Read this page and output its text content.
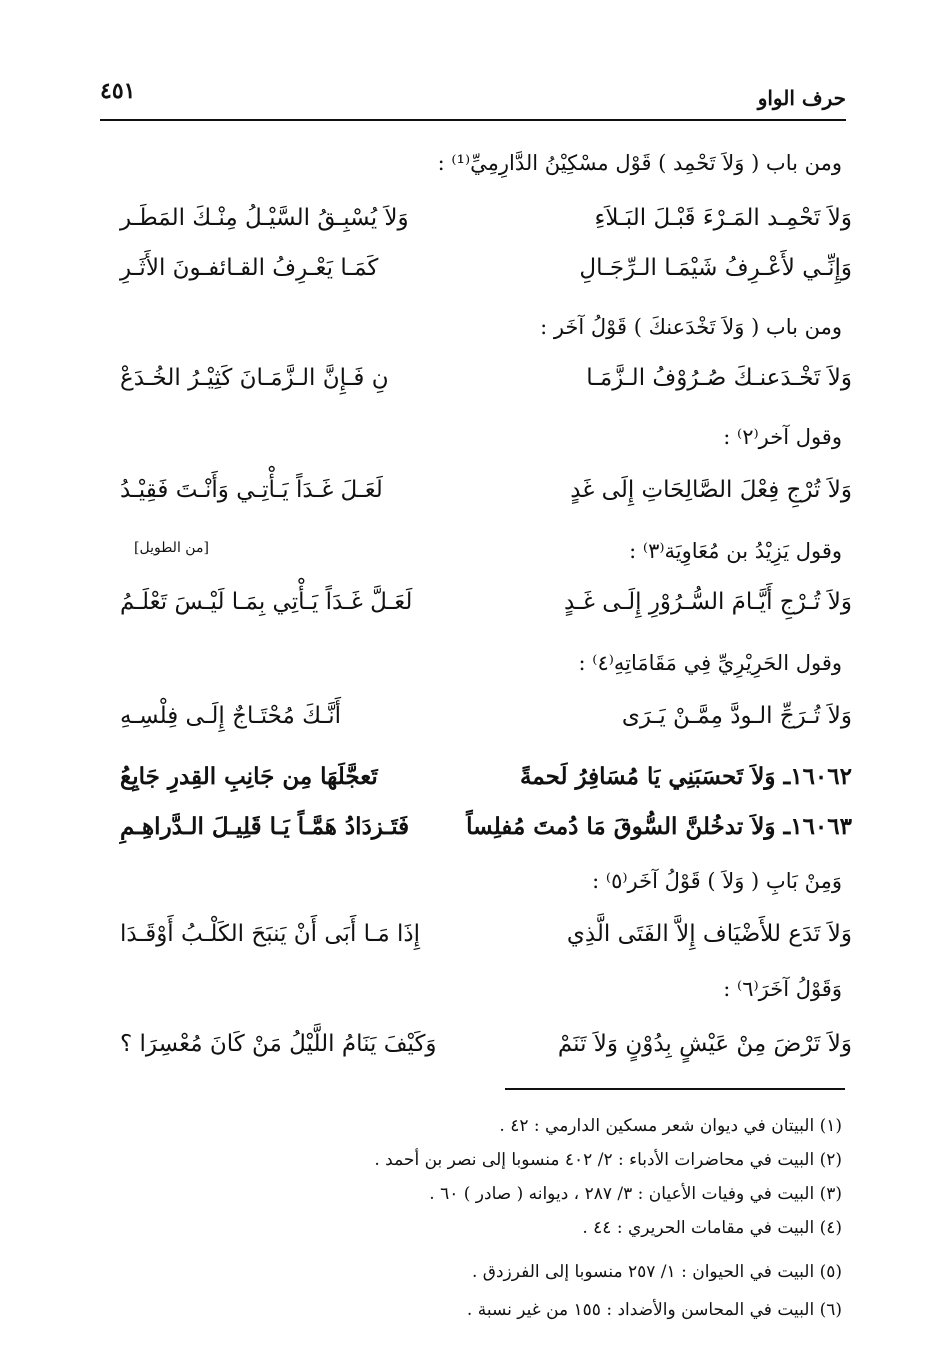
حرف الواو
٤٥١
ومن باب ( وَلاَ تَحْمِد ) قَوْل مسْكِيْنُ الدَّارِمِيِّ⁽¹⁾ :
وَلاَ تَحْمِـد المَـرْءَ قَبْـلَ البَـلاَءِ
وَلاَ يُسْبِـقُ السَّيْـلُ مِنْـكَ المَطَـر
وَإِنِّـي لأَعْـرِفُ شَيْمَـا الـرِّجَـالِ
كَمَـا يَعْـرِفُ القـائفـونَ الأَثَـرِ
ومن باب ( وَلاَ تَخْدَعنكَ ) قَوْلُ آخَر :
وَلاَ تَخْـدَعنـكَ صُـرُوْفُ الـزَّمَـا
نِ فَـإِنَّ الـزَّمَـانَ كَثِيْـرُ الخُـدَعْ
وقول آخر⁽٢⁾ :
وَلاَ تُرْجِ فِعْلَ الصَّالِحَاتِ إِلَى غَدٍ
لَعَـلَ غَـدَاً يَـأْتِـي وَأَنْـتَ فَقِيْـدُ
وقول يَزِيْدُ بن مُعَاوِيَة⁽٣⁾ :
[من الطويل]
وَلاَ تُـرْجِ أَيَّـامَ السُّـرُوْرِ إِلَـى غَـدٍ
لَعَـلَّ غَـدَاً يَـأْتِي بِمَـا لَيْـسَ تَعْلَـمُ
وقول الحَرِيْرِيِّ فِي مَقَامَاتِهِ⁽٤⁾ :
وَلاَ تُـرَجِّ الـودَّ مِمَّـنْ يَـرَى
أَنَّـكَ مُحْتَـاجٌ إِلَـى فِلْسِـهِ
١٦٠٦٢ـ وَلاَ تَحسَبَنِي يَا مُسَافِرُ لَحمةً
تَعجَّلَهَا مِن جَانِبِ القِدرِ جَايِعُ
١٦٠٦٣ـ وَلاَ تدخُلنَّ السُّوقَ مَا دُمتَ مُفلِساً
فَتَـزدَادُ هَمَّـاً يَـا قَلِيـلَ الـدَّراهِـمِ
وَمِنْ بَابِ ( وَلاَ ) قَوْلُ آخَر⁽٥⁾ :
وَلاَ تَدَع للأَضْيَاف إِلاَّ الفَتَى الَّذِي
إِذَا مَـا أَبَى أَنْ يَنبَحَ الكَلْـبُ أَوْقَـدَا
وَقَوْلُ آخَرَ⁽٦⁾ :
وَلاَ تَرْضَ مِنْ عَيْشٍ بِدُوْنٍ وَلاَ تَنَمْ
وَكَيْفَ يَنَامُ اللَّيْلُ مَنْ كَانَ مُعْسِرَا ؟
(١) البيتان في ديوان شعر مسكين الدارمي : ٤٢ .
(٢) البيت في محاضرات الأدباء : ٢/ ٤٠٢ منسوبا إلى نصر بن أحمد .
(٣) البيت في وفيات الأعيان : ٣/ ٢٨٧ ، ديوانه ( صادر ) ٦٠ .
(٤) البيت في مقامات الحريري : ٤٤ .
(٥) البيت في الحيوان : ١/ ٢٥٧ منسوبا إلى الفرزدق .
(٦) البيت في المحاسن والأضداد : ١٥٥ من غير نسبة .
